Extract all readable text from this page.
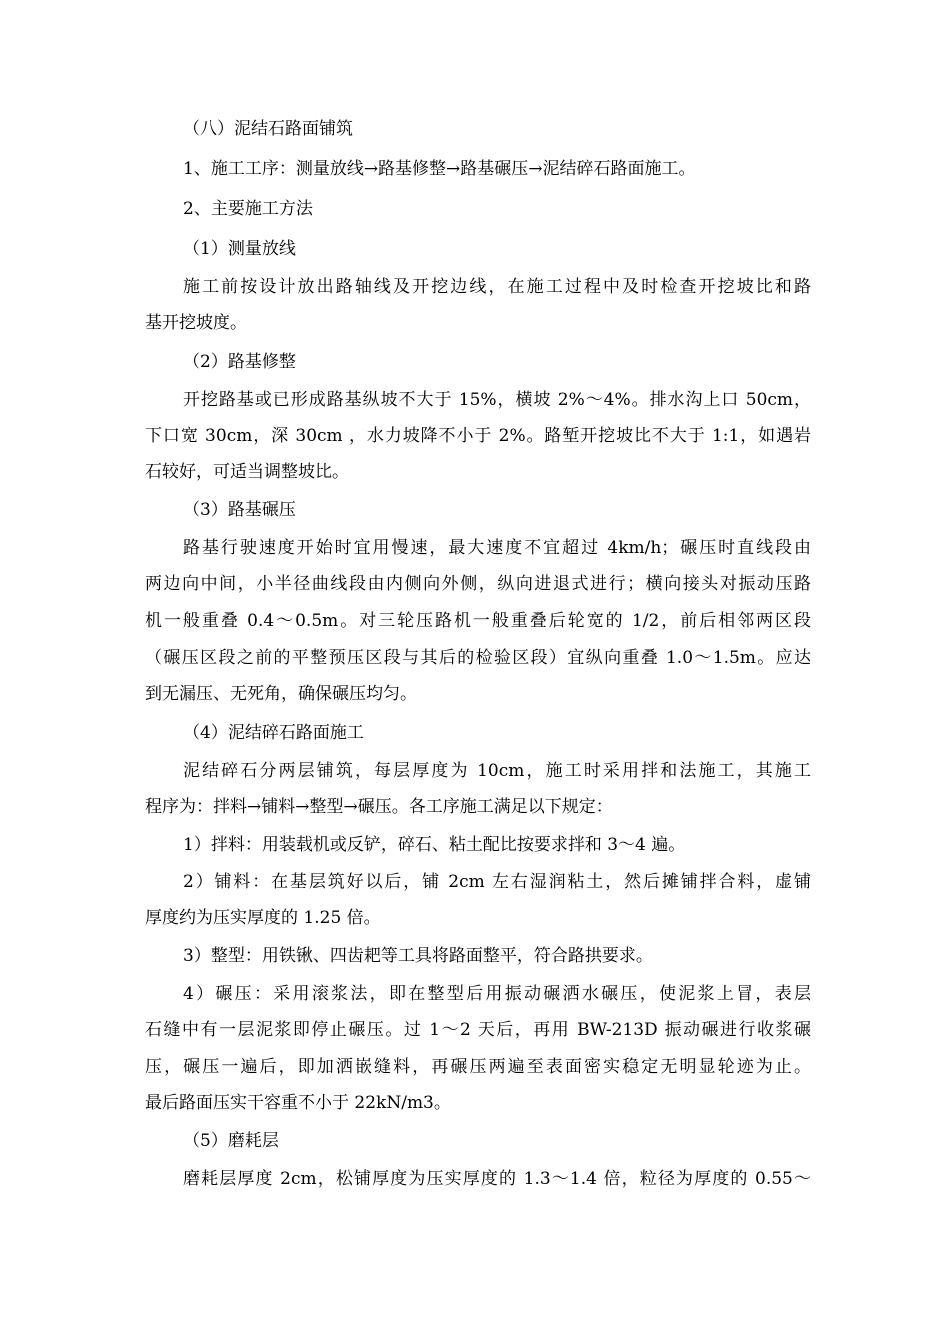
（八）泥结石路面铺筑
1、施工工序：测量放线→路基修整→路基碾压→泥结碎石路面施工。
2、主要施工方法
（1）测量放线
施工前按设计放出路轴线及开挖边线，在施工过程中及时检查开挖坡比和路
基开挖坡度。
（2）路基修整
开挖路基或已形成路基纵坡不大于 15%，横坡 2%～4%。排水沟上口 50cm，
下口宽 30cm，深 30cm ，水力坡降不小于 2%。路堑开挖坡比不大于 1:1，如遇岩
石较好，可适当调整坡比。
（3）路基碾压
路基行驶速度开始时宜用慢速，最大速度不宜超过 4km/h；碾压时直线段由
两边向中间，小半径曲线段由内侧向外侧，纵向进退式进行；横向接头对振动压路
机一般重叠 0.4～0.5m。对三轮压路机一般重叠后轮宽的 1/2，前后相邻两区段
（碾压区段之前的平整预压区段与其后的检验区段）宜纵向重叠 1.0～1.5m。应达
到无漏压、无死角，确保碾压均匀。
（4）泥结碎石路面施工
泥结碎石分两层铺筑，每层厚度为 10cm，施工时采用拌和法施工，其施工
程序为：拌料→铺料→整型→碾压。各工序施工满足以下规定：
1）拌料：用装载机或反铲，碎石、粘土配比按要求拌和 3～4 遍。
2）铺料：在基层筑好以后，铺 2cm 左右湿润粘土，然后摊铺拌合料，虚铺
厚度约为压实厚度的 1.25 倍。
3）整型：用铁锹、四齿耙等工具将路面整平，符合路拱要求。
4）碾压：采用滚浆法，即在整型后用振动碾洒水碾压，使泥浆上冒，表层
石缝中有一层泥浆即停止碾压。过 1～2 天后，再用 BW-213D 振动碾进行收浆碾
压，碾压一遍后，即加洒嵌缝料，再碾压两遍至表面密实稳定无明显轮迹为止。
最后路面压实干容重不小于 22kN/m3。
（5）磨耗层
磨耗层厚度 2cm，松铺厚度为压实厚度的 1.3～1.4 倍，粒径为厚度的 0.55～
